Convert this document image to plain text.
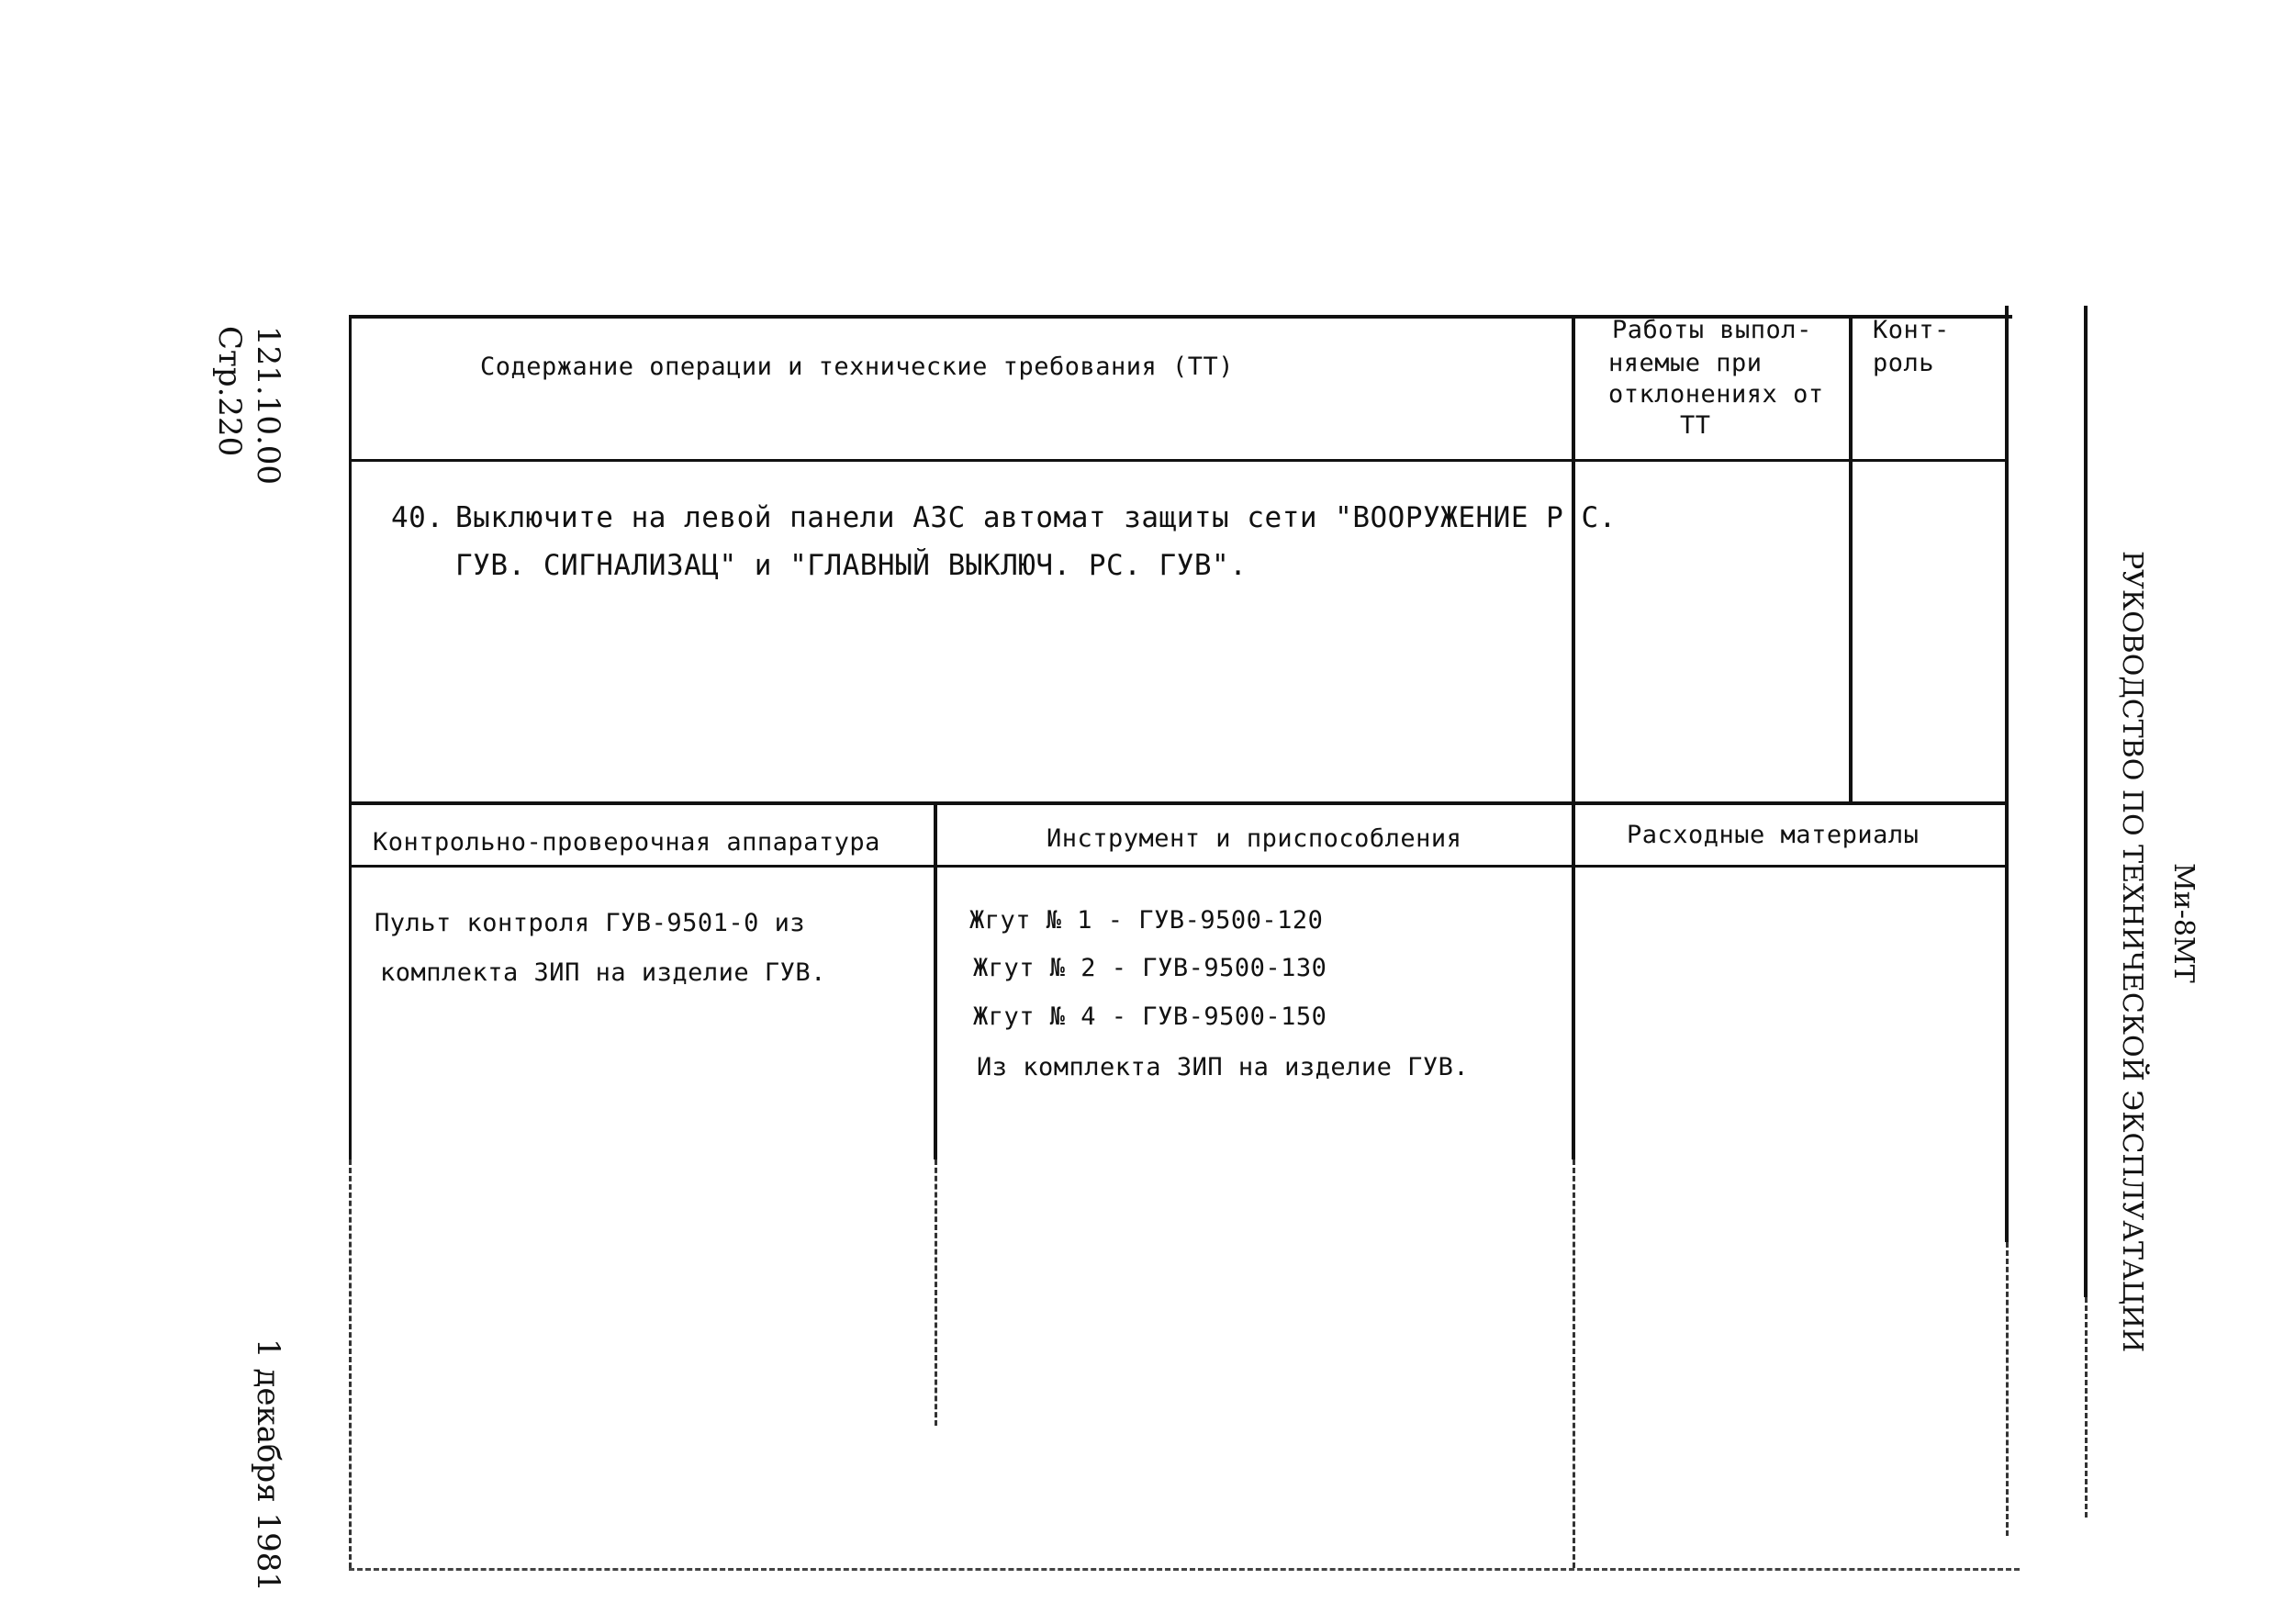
121.10.00
Стр.220
1 декабря 1981
РУКОВОДСТВО ПО ТЕХНИЧЕСКОЙ ЭКСПЛУАТАЦИИ Ми-8МТ
Содержание операции и технические требования (ТТ)
Работы выпол-
няемые при
отклонениях от
ТТ
Конт-
роль
40. Выключите на левой панели АЗС автомат защиты сети "ВООРУЖЕНИЕ Р С.
ГУВ. СИГНАЛИЗАЦ" и "ГЛАВНЫЙ ВЫКЛЮЧ. РС. ГУВ".
Контрольно-проверочная аппаратура	Инструмент и приспособления	Расходные материалы
Пульт контроля ГУВ-9501-0 из
комплекта ЗИП на изделие ГУВ.
Жгут № 1 - ГУВ-9500-120
Жгут № 2 - ГУВ-9500-130
Жгут № 4 - ГУВ-9500-150
Из комплекта ЗИП на изделие ГУВ.
